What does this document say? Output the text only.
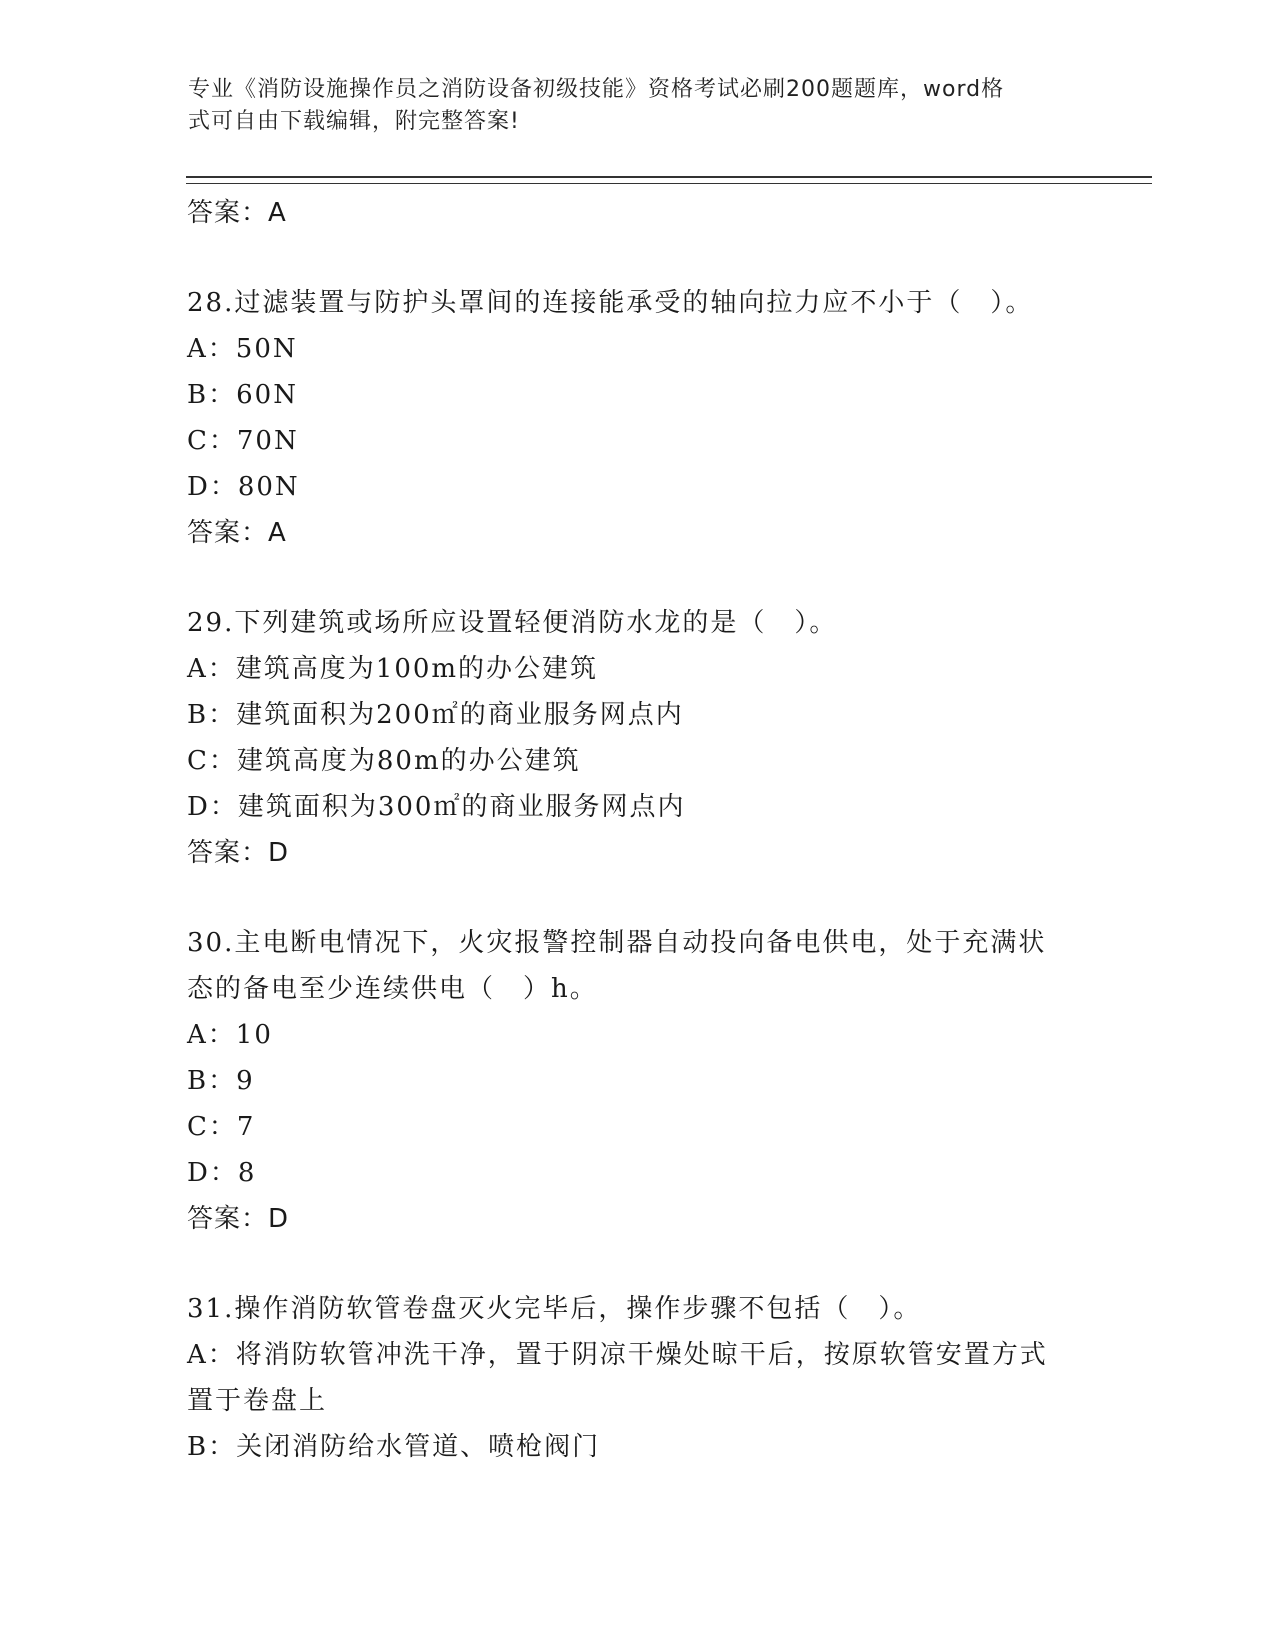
专业《消防设施操作员之消防设备初级技能》资格考试必刷200题题库，word格
式可自由下载编辑，附完整答案!
答案：A
28.过滤装置与防护头罩间的连接能承受的轴向拉力应不小于（　）。
A：50N
B：60N
C：70N
D：80N
答案：A
29.下列建筑或场所应设置轻便消防水龙的是（　）。
A：建筑高度为100m的办公建筑
B：建筑面积为200㎡的商业服务网点内
C：建筑高度为80m的办公建筑
D：建筑面积为300㎡的商业服务网点内
答案：D
30.主电断电情况下，火灾报警控制器自动投向备电供电，处于充满状
态的备电至少连续供电（　）h。
A：10
B：9
C：7
D：8
答案：D
31.操作消防软管卷盘灭火完毕后，操作步骤不包括（　）。
A：将消防软管冲洗干净，置于阴凉干燥处晾干后，按原软管安置方式
置于卷盘上
B：关闭消防给水管道、喷枪阀门
